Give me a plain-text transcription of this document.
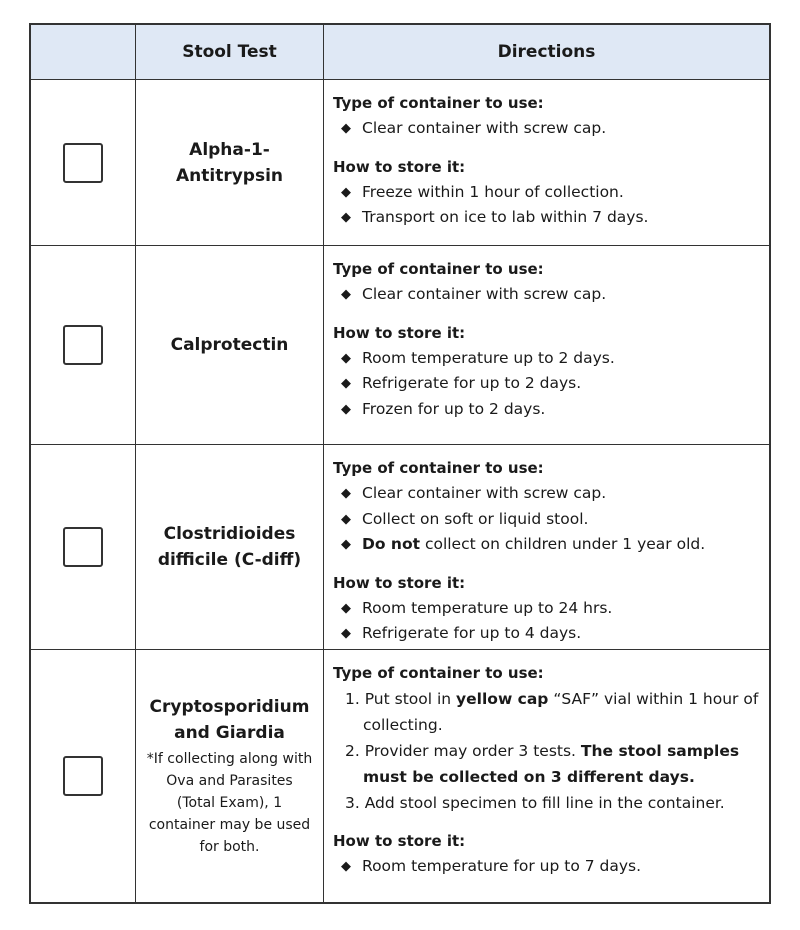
Stool Test	Directions
Alpha-1-Antitrypsin
Type of container to use:
◆ Clear container with screw cap.
How to store it:
◆ Freeze within 1 hour of collection.
◆ Transport on ice to lab within 7 days.
Calprotectin
Type of container to use:
◆ Clear container with screw cap.
How to store it:
◆ Room temperature up to 2 days.
◆ Refrigerate for up to 2 days.
◆ Frozen for up to 2 days.
Clostridioides difficile (C-diff)
Type of container to use:
◆ Clear container with screw cap.
◆ Collect on soft or liquid stool.
◆ Do not collect on children under 1 year old.
How to store it:
◆ Room temperature up to 24 hrs.
◆ Refrigerate for up to 4 days.
Cryptosporidium and Giardia
*If collecting along with Ova and Parasites (Total Exam), 1 container may be used for both.
Type of container to use:
1. Put stool in yellow cap “SAF” vial within 1 hour of collecting.
2. Provider may order 3 tests. The stool samples must be collected on 3 different days.
3. Add stool specimen to fill line in the container.
How to store it:
◆ Room temperature for up to 7 days.
